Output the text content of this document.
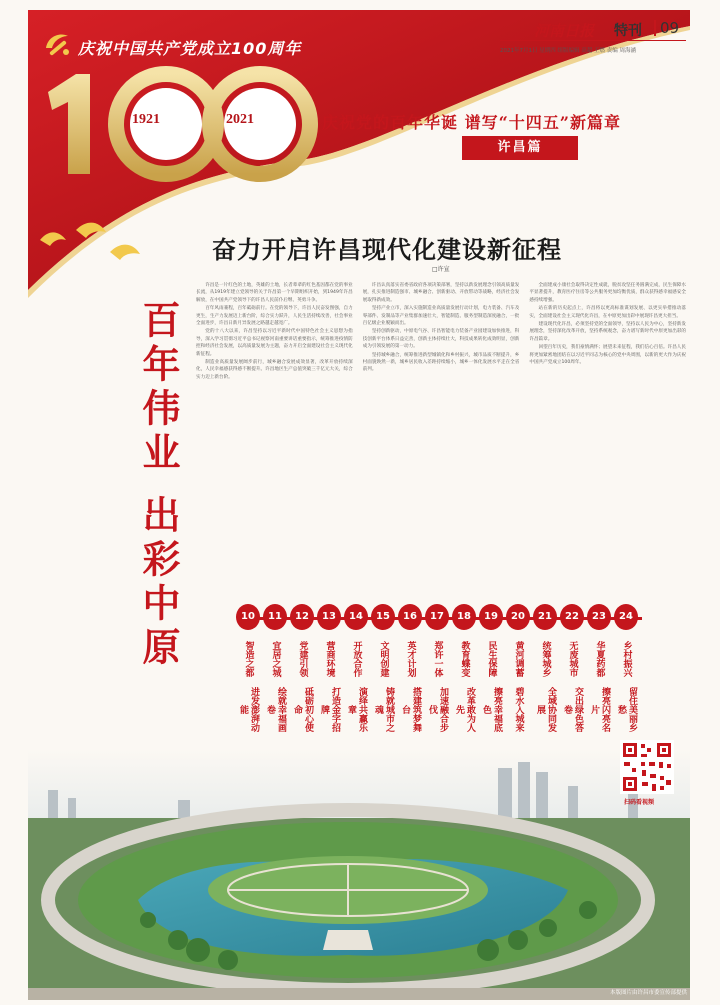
庆祝中国共产党成立100周年
1921	2021
河南日报 特刊 09
2021年7月1日 星期四 组版编辑 高超 王燃 责编 周海涵
庆祝党的百年华诞 谱写“十四五”新篇章
许昌篇
奋力开启许昌现代化建设新征程
□许宣
百年伟业 出彩中原

许昌是一片红色的土地，英雄的土地，长者辈辈的红色基因都在党的事业长流，从1919年建立党领导的关于许昌第一个早期组织开始，到1949年许昌解放，在中国共产党领导下的许昌人民前仆后继、英勇斗争。

百年风雨兼程，百年砥砺前行。在党的领导下，许昌人民奋发图强，自力更生，生产力发展迈上新台阶，综合实力跃升，人民生活持续改善，社会事业全面进步，许昌日新月异发展之路越走越宽广。

党的十八大以来，许昌坚持以习近平新时代中国特色社会主义思想为指导，深入学习贯彻习近平总书记视察河南重要讲话重要指示，统筹推进疫情防控和经济社会发展，以高质量发展为主题，奋力开启全面建设社会主义现代化新征程。

制造业高质量发展阔步前行，城乡融合发展成效显著，改革开放持续深化，人民幸福感获得感不断提升。许昌地区生产总值突破三千亿元大关，综合实力迈上新台阶。

许昌认真落实省委省政府各项决策部署，坚持以新发展理念引领高质量发展，扎实推进制造强市、城乡融合、创新驱动、开放带动等战略，经济社会发展取得新成效。

坚持产业立市，深入实施制造业高质量发展行动计划，电力装备、汽车及零部件、发制品等产业集群加速壮大，智能制造、服务型制造深度融合，一批百亿级企业脱颖而出。

坚持创新驱动，中原电气谷、许昌智能电力装备产业园建设加快推进，科技创新平台体系日益完善，创新主体持续壮大，科技成果转化成效明显，创新成为引领发展的第一动力。

坚持城乡融合，统筹推进新型城镇化和乡村振兴，城市品质不断提升，乡村面貌焕然一新，城乡居民收入差距持续缩小，城乡一体化发展水平走在全省前列。

全面建成小康社会取得决定性成就，脱贫攻坚任务圆满完成，民生保障水平显著提升，教育医疗住房等公共服务更加均衡优质，群众获得感幸福感安全感持续增强。

站在新的历史起点上，许昌将以更高标准谋划发展、以更实举措推动落实，全面建设社会主义现代化许昌，在中原更加出彩中展现许昌更大担当。

建设现代化许昌，必须坚持党的全面领导，坚持以人民为中心，坚持新发展理念，坚持深化改革开放，坚持系统观念，奋力谱写新时代中原更加出彩的许昌篇章。

回望百年历史，我们豪情满怀；展望未来征程，我们信心百倍。许昌人民将更加紧密地团结在以习近平同志为核心的党中央周围，以新的更大作为庆祝中国共产党成立100周年。

10
智造之都
进发澎湃动能
11
宜居之城
绘就幸福画卷
12
党建引领
砥砺初心使命
13
营商环境
打造金字招牌
14
开放合作
演绎共赢乐章
15
文明创建
铸就城市之魂
16
英才计划
搭建筑梦舞台
17
郑许一体
加速融合步伐
18
教育蝶变
改革敢为人先
19
民生保障
擦亮幸福底色
20
黄河调蓄
碧水入城来
21
统筹城乡
全域协同发展
22
无废城市
交出绿色答卷
23
华夏药都
擦亮闪亮名片
24
乡村振兴
留住美丽乡愁
扫码看视频
本版图片由许昌市委宣传部提供
